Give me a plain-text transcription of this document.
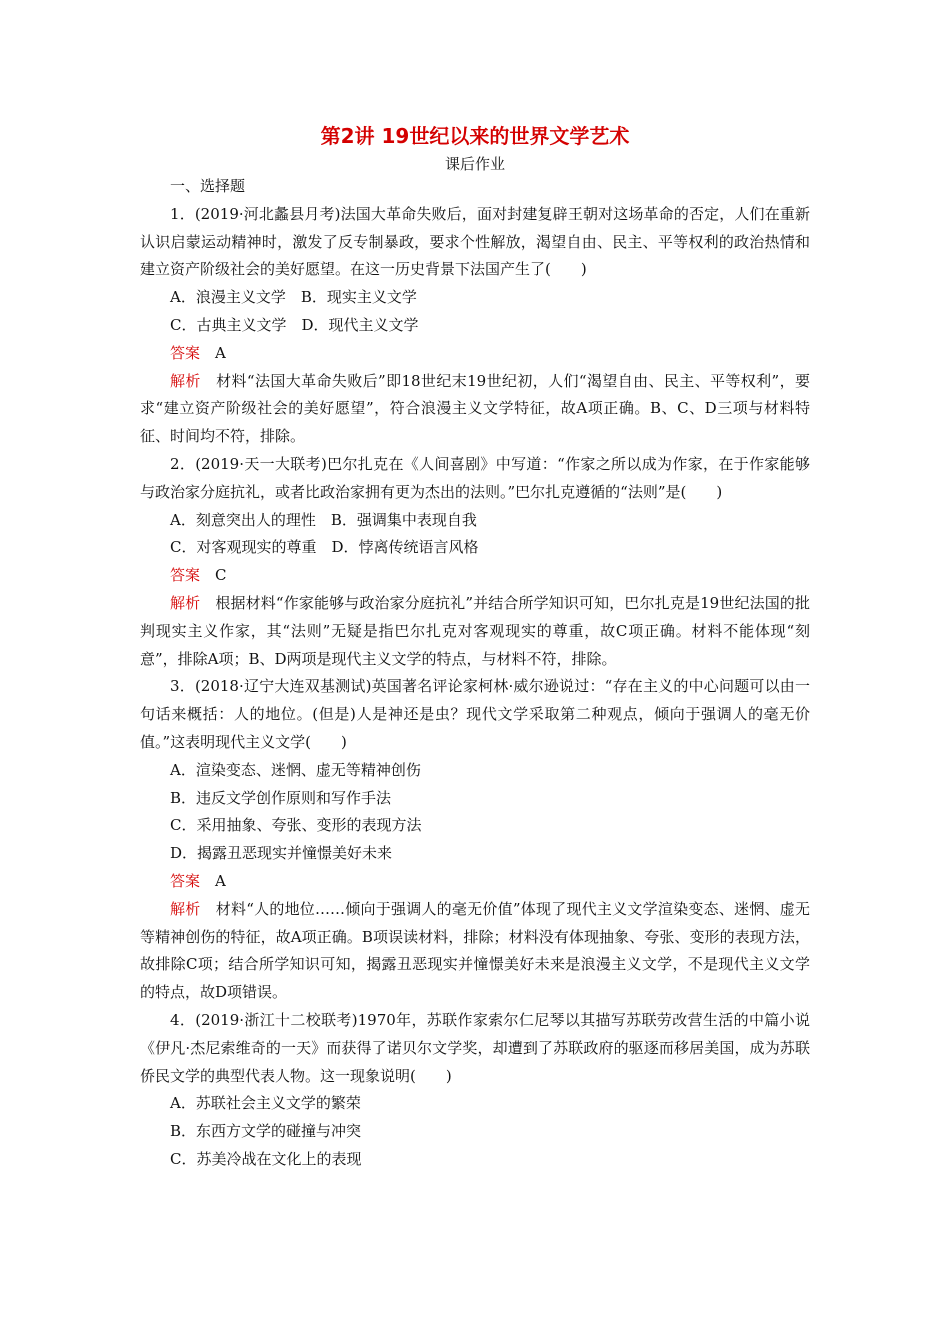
第2讲 19世纪以来的世界文学艺术
课后作业

一、选择题

1．(2019·河北蠡县月考)法国大革命失败后，面对封建复辟王朝对这场革命的否定，人们在重新认识启蒙运动精神时，激发了反专制暴政，要求个性解放，渴望自由、民主、平等权利的政治热情和建立资产阶级社会的美好愿望。在这一历史背景下法国产生了(　　)

A．浪漫主义文学　B．现实主义文学

C．古典主义文学　D．现代主义文学

答案　A

解析　材料“法国大革命失败后”即18世纪末19世纪初，人们“渴望自由、民主、平等权利”，要求“建立资产阶级社会的美好愿望”，符合浪漫主义文学特征，故A项正确。B、C、D三项与材料特征、时间均不符，排除。

2．(2019·天一大联考)巴尔扎克在《人间喜剧》中写道：“作家之所以成为作家，在于作家能够与政治家分庭抗礼，或者比政治家拥有更为杰出的法则。”巴尔扎克遵循的“法则”是(　　)

A．刻意突出人的理性　B．强调集中表现自我

C．对客观现实的尊重　D．悖离传统语言风格

答案　C

解析　根据材料“作家能够与政治家分庭抗礼”并结合所学知识可知，巴尔扎克是19世纪法国的批判现实主义作家，其“法则”无疑是指巴尔扎克对客观现实的尊重，故C项正确。材料不能体现“刻意”，排除A项；B、D两项是现代主义文学的特点，与材料不符，排除。

3．(2018·辽宁大连双基测试)英国著名评论家柯林·威尔逊说过：“存在主义的中心问题可以由一句话来概括：人的地位。(但是)人是神还是虫？现代文学采取第二种观点，倾向于强调人的毫无价值。”这表明现代主义文学(　　)

A．渲染变态、迷惘、虚无等精神创伤

B．违反文学创作原则和写作手法

C．采用抽象、夸张、变形的表现方法

D．揭露丑恶现实并憧憬美好未来

答案　A

解析　材料“人的地位……倾向于强调人的毫无价值”体现了现代主义文学渲染变态、迷惘、虚无等精神创伤的特征，故A项正确。B项误读材料，排除；材料没有体现抽象、夸张、变形的表现方法，故排除C项；结合所学知识可知，揭露丑恶现实并憧憬美好未来是浪漫主义文学，不是现代主义文学的特点，故D项错误。

4．(2019·浙江十二校联考)1970年，苏联作家索尔仁尼琴以其描写苏联劳改营生活的中篇小说《伊凡·杰尼索维奇的一天》而获得了诺贝尔文学奖，却遭到了苏联政府的驱逐而移居美国，成为苏联侨民文学的典型代表人物。这一现象说明(　　)

A．苏联社会主义文学的繁荣

B．东西方文学的碰撞与冲突

C．苏美冷战在文化上的表现
